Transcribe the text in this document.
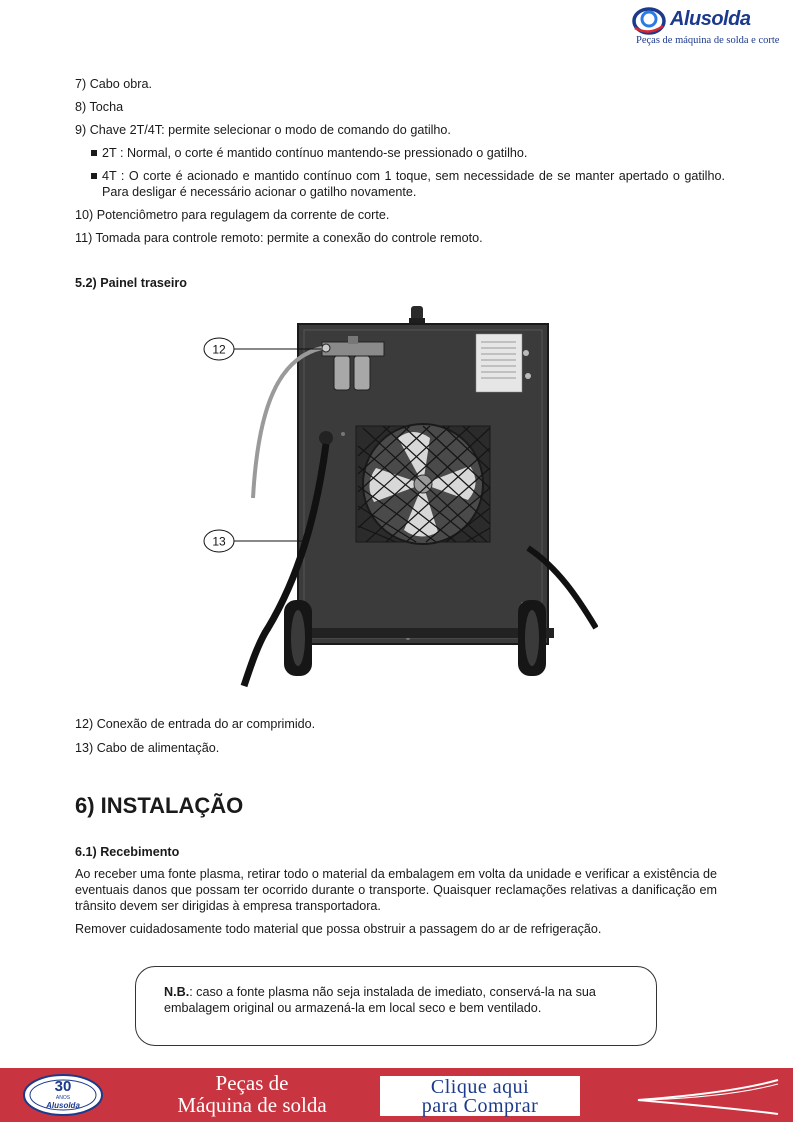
Alusolda
Peças de máquina de solda e corte
7) Cabo obra.
8) Tocha
9) Chave 2T/4T: permite selecionar o modo de comando do gatilho.
2T : Normal, o corte é mantido contínuo mantendo-se pressionado o gatilho.
4T : O corte é acionado e mantido contínuo com 1 toque, sem necessidade de se manter apertado o gatilho. Para desligar é necessário acionar o gatilho novamente.
10) Potenciômetro para regulagem da corrente de corte.
11) Tomada para controle remoto: permite a conexão do controle remoto.
5.2) Painel traseiro
12
13
12) Conexão de entrada do ar comprimido.
13) Cabo de alimentação.
6) INSTALAÇÃO
6.1) Recebimento

Ao receber uma fonte plasma, retirar todo o material da embalagem em volta da unidade e verificar a existência de eventuais danos que possam ter ocorrido durante o transporte. Quaisquer reclamações relativas a danificação em trânsito devem ser dirigidas à empresa transportadora.

Remover cuidadosamente todo material que possa obstruir a passagem do ar de refrigeração.

N.B.: caso a fonte plasma não seja instalada de imediato, conservá-la na sua embalagem original ou armazená-la em local seco e bem ventilado.
30
ANOS
Alusolda
Peças de
Máquina de solda
Clique aqui
para Comprar
